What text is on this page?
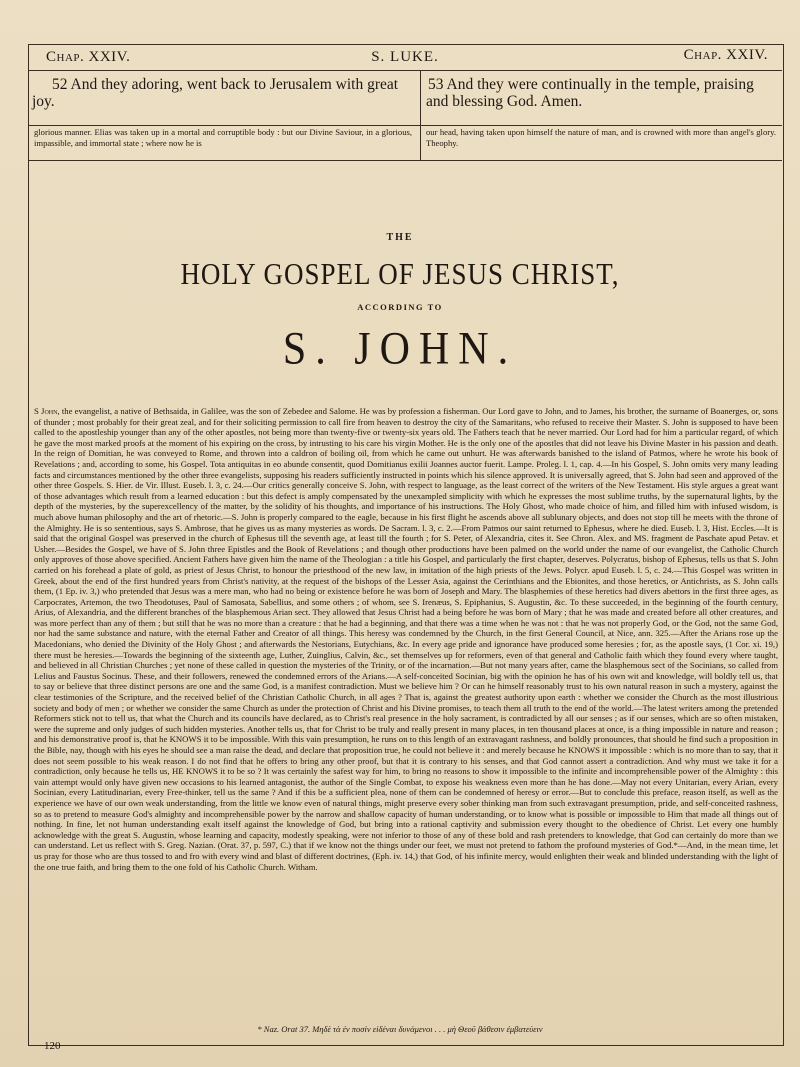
Chap. XXIV.	S. LUKE.	Chap. XXIV.
52 And they adoring, went back to Jerusalem with great joy.
53 And they were continually in the temple, praising and blessing God. Amen.
glorious manner. Elias was taken up in a mortal and corruptible body : but our Divine Saviour, in a glorious, impassible, and immortal state ; where now he is
our head, having taken upon himself the nature of man, and is crowned with more than angel's glory. Theophy.
THE
HOLY GOSPEL OF JESUS CHRIST,
ACCORDING TO
S. JOHN.
S John, the evangelist, a native of Bethsaida, in Galilee, was the son of Zebedee and Salome. He was by profession a fisherman. Our Lord gave to John, and to James, his brother, the surname of Boanerges, or, sons of thunder ; most probably for their great zeal, and for their soliciting permission to call fire from heaven to destroy the city of the Samaritans, who refused to receive their Master. S. John is supposed to have been called to the apostleship younger than any of the other apostles, not being more than twenty-five or twenty-six years old. The Fathers teach that he never married. Our Lord had for him a particular regard, of which he gave the most marked proofs at the moment of his expiring on the cross, by intrusting to his care his virgin Mother. He is the only one of the apostles that did not leave his Divine Master in his passion and death. In the reign of Domitian, he was conveyed to Rome, and thrown into a caldron of boiling oil, from which he came out unhurt. He was afterwards banished to the island of Patmos, where he wrote his book of Revelations ; and, according to some, his Gospel. Tota antiquitas in eo abunde consentit, quod Domitianus exilii Joannes auctor fuerit. Lampe. Proleg. l. 1, cap. 4.—In his Gospel, S. John omits very many leading facts and circumstances mentioned by the other three evangelists, supposing his readers sufficiently instructed in points which his silence approved. It is universally agreed, that S. John had seen and approved of the other three Gospels. S. Hier. de Vir. Illust. Euseb. l. 3, c. 24.—Our critics generally conceive S. John, with respect to language, as the least correct of the writers of the New Testament. His style argues a great want of those advantages which result from a learned education : but this defect is amply compensated by the unexampled simplicity with which he expresses the most sublime truths, by the supernatural lights, by the depth of the mysteries, by the superexcellency of the matter, by the solidity of his thoughts, and importance of his instructions. The Holy Ghost, who made choice of him, and filled him with infused wisdom, is much above human philosophy and the art of rhetoric.—S. John is properly compared to the eagle, because in his first flight he ascends above all sublunary objects, and does not stop till he meets with the throne of the Almighty. He is so sententious, says S. Ambrose, that he gives us as many mysteries as words. De Sacram. l. 3, c. 2.—From Patmos our saint returned to Ephesus, where he died. Euseb. l. 3, Hist. Eccles.—It is said that the original Gospel was preserved in the church of Ephesus till the seventh age, at least till the fourth ; for S. Peter, of Alexandria, cites it. See Chron. Alex. and MS. fragment de Paschate apud Petav. et Usher.—Besides the Gospel, we have of S. John three Epistles and the Book of Revelations ; and though other productions have been palmed on the world under the name of our evangelist, the Catholic Church only approves of those above specified. Ancient Fathers have given him the name of the Theologian : a title his Gospel, and particularly the first chapter, deserves. Polycratus, bishop of Ephesus, tells us that S. John carried on his forehead a plate of gold, as priest of Jesus Christ, to honour the priesthood of the new law, in imitation of the high priests of the Jews. Polycr. apud Euseb. l. 5, c. 24.—This Gospel was written in Greek, about the end of the first hundred years from Christ's nativity, at the request of the bishops of the Lesser Asia, against the Cerinthians and the Ebionites, and those heretics, or Antichrists, as S. John calls them, (1 Ep. iv. 3,) who pretended that Jesus was a mere man, who had no being or existence before he was born of Joseph and Mary. The blasphemies of these heretics had divers abettors in the first three ages, as Carpocrates, Artemon, the two Theodotuses, Paul of Samosata, Sabellius, and some others ; of whom, see S. Irenæus, S. Epiphanius, S. Augustin, &c. To these succeeded, in the beginning of the fourth century, Arius, of Alexandria, and the different branches of the blasphemous Arian sect. They allowed that Jesus Christ had a being before he was born of Mary ; that he was made and created before all other creatures, and was more perfect than any of them ; but still that he was no more than a creature : that he had a beginning, and that there was a time when he was not : that he was not properly God, or the God, not the same God, nor had the same substance and nature, with the eternal Father and Creator of all things. This heresy was condemned by the Church, in the first General Council, at Nice, ann. 325.—After the Arians rose up the Macedonians, who denied the Divinity of the Holy Ghost ; and afterwards the Nestorians, Eutychians, &c. In every age pride and ignorance have produced some heresies ; for, as the apostle says, (1 Cor. xi. 19,) there must be heresies.—Towards the beginning of the sixteenth age, Luther, Zuinglius, Calvin, &c., set themselves up for reformers, even of that general and Catholic faith which they found every where taught, and believed in all Christian Churches ; yet none of these called in question the mysteries of the Trinity, or of the incarnation.—But not many years after, came the blasphemous sect of the Socinians, so called from Lelius and Faustus Socinus. These, and their followers, renewed the condemned errors of the Arians.—A self-conceited Socinian, big with the opinion he has of his own wit and knowledge, will boldly tell us, that to say or believe that three distinct persons are one and the same God, is a manifest contradiction. Must we believe him ? Or can he himself reasonably trust to his own natural reason in such a mystery, against the clear testimonies of the Scripture, and the received belief of the Christian Catholic Church, in all ages ? That is, against the greatest authority upon earth : whether we consider the Church as the most illustrious society and body of men ; or whether we consider the same Church as under the protection of Christ and his Divine promises, to teach them all truth to the end of the world.—The latest writers among the pretended Reformers stick not to tell us, that what the Church and its councils have declared, as to Christ's real presence in the holy sacrament, is contradicted by all our senses ; as if our senses, which are so often mistaken, were the supreme and only judges of such hidden mysteries. Another tells us, that for Christ to be truly and really present in many places, in ten thousand places at once, is a thing impossible in nature and reason ; and his demonstrative proof is, that he KNOWS it to be impossible. With this vain presumption, he runs on to this length of an extravagant rashness, and boldly pronounces, that should he find such a proposition in the Bible, nay, though with his eyes he should see a man raise the dead, and declare that proposition true, he could not believe it : and merely because he KNOWS it impossible : which is no more than to say, that it does not seem possible to his weak reason. I do not find that he offers to bring any other proof, but that it is contrary to his senses, and that God cannot assert a contradiction. And why must we take it for a contradiction, only because he tells us, HE KNOWS it to be so ? It was certainly the safest way for him, to bring no reasons to show it impossible to the infinite and incomprehensible power of the Almighty : this vain attempt would only have given new occasions to his learned antagonist, the author of the Single Combat, to expose his weakness even more than he has done.—May not every Unitarian, every Arian, every Socinian, every Latitudinarian, every Free-thinker, tell us the same ? And if this be a sufficient plea, none of them can be condemned of heresy or error.—But to conclude this preface, reason itself, as well as the experience we have of our own weak understanding, from the little we know even of natural things, might preserve every sober thinking man from such extravagant presumption, pride, and self-conceited rashness, so as to pretend to measure God's almighty and incomprehensible power by the narrow and shallow capacity of human understanding, or to know what is possible or impossible to Him that made all things out of nothing. In fine, let not human understanding exalt itself against the knowledge of God, but bring into a rational captivity and submission every thought to the obedience of Christ. Let every one humbly acknowledge with the great S. Augustin, whose learning and capacity, modestly speaking, were not inferior to those of any of these bold and rash pretenders to knowledge, that God can certainly do more than we can understand. Let us reflect with S. Greg. Nazian. (Orat. 37, p. 597, C.) that if we know not the things under our feet, we must not pretend to fathom the profound mysteries of God.*—And, in the mean time, let us pray for those who are thus tossed to and fro with every wind and blast of different doctrines, (Eph. iv. 14,) that God, of his infinite mercy, would enlighten their weak and blinded understanding with the light of the one true faith, and bring them to the one fold of his Catholic Church. Witham.
* Naz. Orat 37. Μηδὲ τὰ ἐν ποσὶν εἰδέναι δυνάμενοι . . . μὴ Θεοῦ βάθεσιν ἐμβατεύειν
120
